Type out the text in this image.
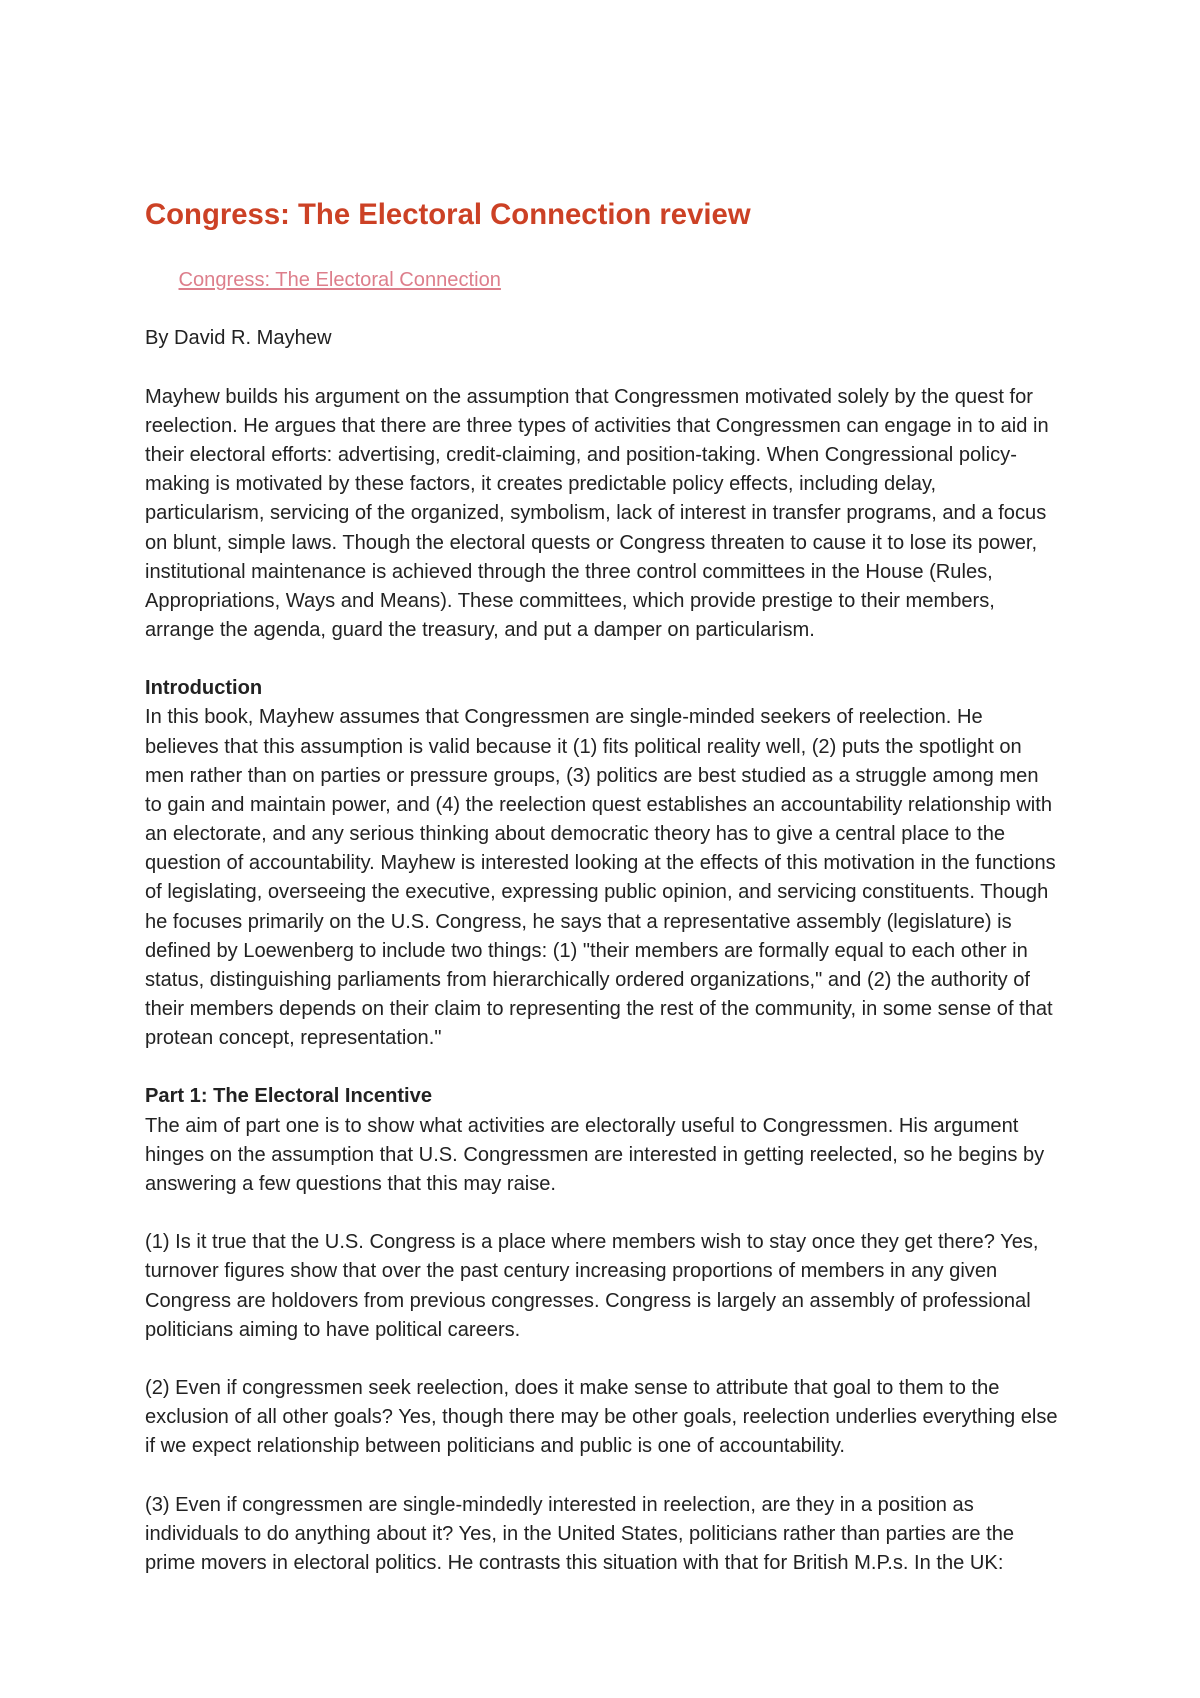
Congress: The Electoral Connection review

Congress: The Electoral Connection

By David R. Mayhew

Mayhew builds his argument on the assumption that Congressmen motivated solely by the quest for
reelection. He argues that there are three types of activities that Congressmen can engage in to aid in
their electoral efforts: advertising, credit-claiming, and position-taking. When Congressional policy-
making is motivated by these factors, it creates predictable policy effects, including delay,
particularism, servicing of the organized, symbolism, lack of interest in transfer programs, and a focus
on blunt, simple laws. Though the electoral quests or Congress threaten to cause it to lose its power,
institutional maintenance is achieved through the three control committees in the House (Rules,
Appropriations, Ways and Means). These committees, which provide prestige to their members,
arrange the agenda, guard the treasury, and put a damper on particularism.

Introduction

In this book, Mayhew assumes that Congressmen are single-minded seekers of reelection. He
believes that this assumption is valid because it (1) fits political reality well, (2) puts the spotlight on
men rather than on parties or pressure groups, (3) politics are best studied as a struggle among men
to gain and maintain power, and (4) the reelection quest establishes an accountability relationship with
an electorate, and any serious thinking about democratic theory has to give a central place to the
question of accountability. Mayhew is interested looking at the effects of this motivation in the functions
of legislating, overseeing the executive, expressing public opinion, and servicing constituents. Though
he focuses primarily on the U.S. Congress, he says that a representative assembly (legislature) is
defined by Loewenberg to include two things: (1) "their members are formally equal to each other in
status, distinguishing parliaments from hierarchically ordered organizations," and (2) the authority of
their members depends on their claim to representing the rest of the community, in some sense of that
protean concept, representation."

Part 1: The Electoral Incentive

The aim of part one is to show what activities are electorally useful to Congressmen. His argument
hinges on the assumption that U.S. Congressmen are interested in getting reelected, so he begins by
answering a few questions that this may raise.

(1) Is it true that the U.S. Congress is a place where members wish to stay once they get there? Yes,
turnover figures show that over the past century increasing proportions of members in any given
Congress are holdovers from previous congresses. Congress is largely an assembly of professional
politicians aiming to have political careers.

(2) Even if congressmen seek reelection, does it make sense to attribute that goal to them to the
exclusion of all other goals? Yes, though there may be other goals, reelection underlies everything else
if we expect relationship between politicians and public is one of accountability.

(3) Even if congressmen are single-mindedly interested in reelection, are they in a position as
individuals to do anything about it? Yes, in the United States, politicians rather than parties are the
prime movers in electoral politics. He contrasts this situation with that for British M.P.s. In the UK:
